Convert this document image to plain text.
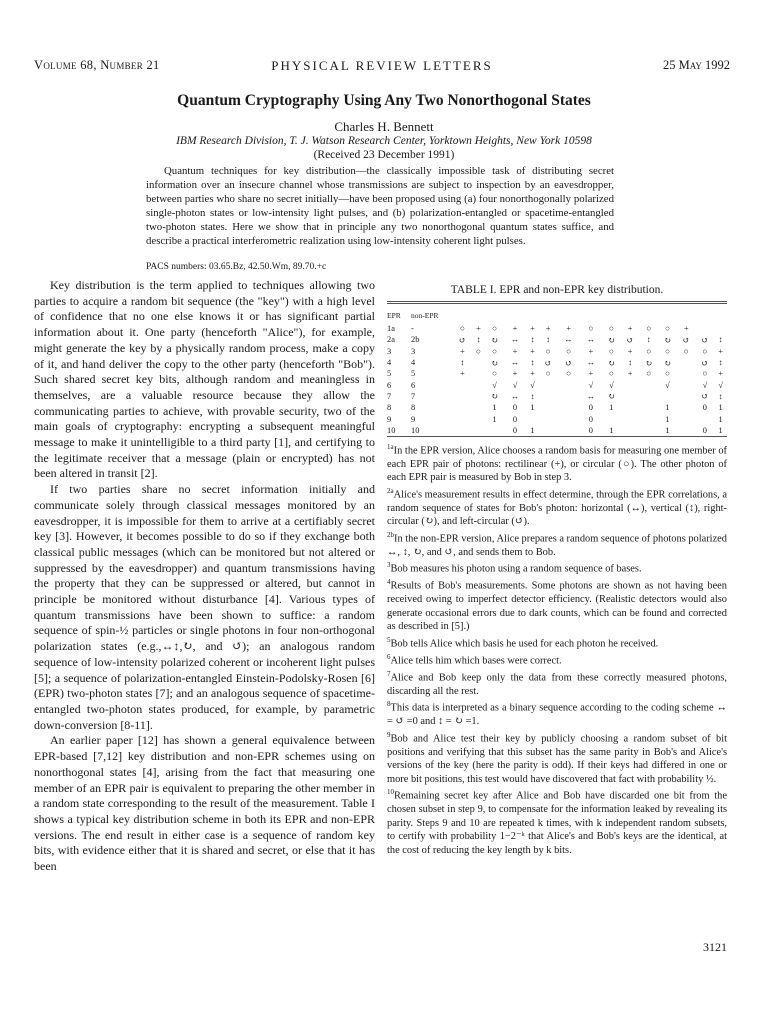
Volume 68, Number 21	PHYSICAL REVIEW LETTERS	25 May 1992
Quantum Cryptography Using Any Two Nonorthogonal States
Charles H. Bennett
IBM Research Division, T. J. Watson Research Center, Yorktown Heights, New York 10598
(Received 23 December 1991)
Quantum techniques for key distribution—the classically impossible task of distributing secret information over an insecure channel whose transmissions are subject to inspection by an eavesdropper, between parties who share no secret initially—have been proposed using (a) four nonorthogonally polarized single-photon states or low-intensity light pulses, and (b) polarization-entangled or spacetime-entangled two-photon states. Here we show that in principle any two nonorthogonal quantum states suffice, and describe a practical interferometric realization using low-intensity coherent light pulses.
PACS numbers: 03.65.Bz, 42.50.Wm, 89.70.+c

Key distribution is the term applied to techniques allowing two parties to acquire a random bit sequence (the "key") with a high level of confidence that no one else knows it or has significant partial information about it. One party (henceforth "Alice"), for example, might generate the key by a physically random process, make a copy of it, and hand deliver the copy to the other party (henceforth "Bob"). Such shared secret key bits, although random and meaningless in themselves, are a valuable resource because they allow the communicating parties to achieve, with provable security, two of the main goals of cryptography: encrypting a subsequent meaningful message to make it unintelligible to a third party [1], and certifying to the legitimate receiver that a message (plain or encrypted) has not been altered in transit [2].

If two parties share no secret information initially and communicate solely through classical messages monitored by an eavesdropper, it is impossible for them to arrive at a certifiably secret key [3]. However, it becomes possible to do so if they exchange both classical public messages (which can be monitored but not altered or suppressed by the eavesdropper) and quantum transmissions having the property that they can be suppressed or altered, but cannot in principle be monitored without disturbance [4]. Various types of quantum transmissions have been shown to suffice: a random sequence of spin-½ particles or single photons in four non-orthogonal polarization states (e.g.,↔↕,↻, and ↺); an analogous random sequence of low-intensity polarized coherent or incoherent light pulses [5]; a sequence of polarization-entangled Einstein-Podolsky-Rosen [6] (EPR) two-photon states [7]; and an analogous sequence of spacetime-entangled two-photon states produced, for example, by parametric down-conversion [8-11].

An earlier paper [12] has shown a general equivalence between EPR-based [7,12] key distribution and non-EPR schemes using on nonorthogonal states [4], arising from the fact that measuring one member of an EPR pair is equivalent to preparing the other member in a random state corresponding to the result of the measurement. Table I shows a typical key distribution scheme in both its EPR and non-EPR versions. The end result in either case is a sequence of random key bits, with evidence either that it is shared and secret, or else that it has been

TABLE I. EPR and non-EPR key distribution.
EPR	non-EPR															
1a	-	○	+	○	+	+	+	+	○	○	+	○	○	+		
2a	2b	↺	↕	↻	↔	↕	↕	↔	↔	↻	↺	↕	↻	↺	↺	↕
3	3	+	○	○	+	+	○	○	+	○	+	○	○	○	○	+
4	4	↕		↻	↔	↕	↺	↺	↔	↻	↕	↻	↻		↺	↕
5	5	+		○	+	+	○	○	+	○	+	○	○		○	+
6	6			√	√	√			√	√			√		√	√
7	7			↻	↔	↕			↔	↻					↺	↕
8	8			1	0	1			0	1			1		0	1
9	9			1	0				0				1			1
10	10				0	1			0	1			1		0	1

$^{1a}$In the EPR version, Alice chooses a random basis for measuring one member of each EPR pair of photons: rectilinear (+), or circular (○). The other photon of each EPR pair is measured by Bob in step 3.

$^{2a}$Alice's measurement results in effect determine, through the EPR correlations, a random sequence of states for Bob's photon: horizontal (↔), vertical (↕), right-circular (↻), and left-circular (↺).

$^{2b}$In the non-EPR version, Alice prepares a random sequence of photons polarized ↔, ↕, ↻, and ↺, and sends them to Bob.

$^3$Bob measures his photon using a random sequence of bases.

$^4$Results of Bob's measurements. Some photons are shown as not having been received owing to imperfect detector efficiency. (Realistic detectors would also generate occasional errors due to dark counts, which can be found and corrected as described in [5].)

$^5$Bob tells Alice which basis he used for each photon he received.

$^6$Alice tells him which bases were correct.

$^7$Alice and Bob keep only the data from these correctly measured photons, discarding all the rest.

$^8$This data is interpreted as a binary sequence according to the coding scheme ↔ = ↺ =0 and ↕ = ↻ =1.

$^9$Bob and Alice test their key by publicly choosing a random subset of bit positions and verifying that this subset has the same parity in Bob's and Alice's versions of the key (here the parity is odd). If their keys had differed in one or more bit positions, this test would have discovered that fact with probability ½.

$^{10}$Remaining secret key after Alice and Bob have discarded one bit from the chosen subset in step 9, to compensate for the information leaked by revealing its parity. Steps 9 and 10 are repeated k times, with k independent random subsets, to certify with probability 1−2⁻ᵏ that Alice's and Bob's keys are the identical, at the cost of reducing the key length by k bits.

3121
